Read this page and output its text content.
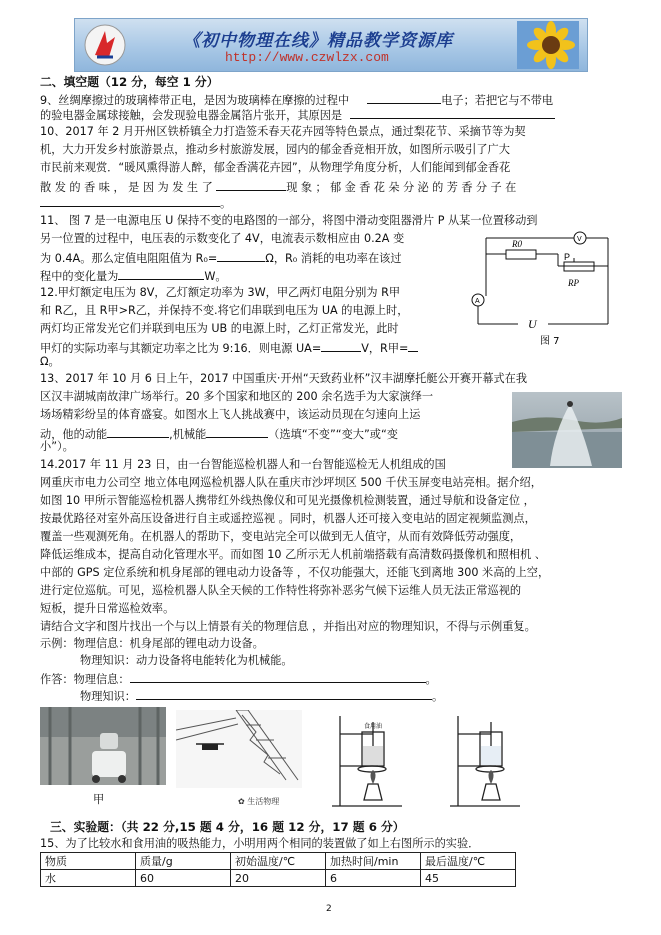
《初中物理在线》精品教学资源库
http://www.czwlzx.com
二、填空题（12 分，每空 1 分）
9、丝绸摩擦过的玻璃棒带正电，是因为玻璃棒在摩擦的过程中	电子；若把它与不带电
的验电器金属球接触，会发现验电器金属箔片张开，其原因是
10、2017 年 2 月开州区铁桥镇全力打造签禾春天花卉园等特色景点，通过梨花节、采摘节等为契
机，大力开发乡村旅游景点，推动乡村旅游发展，园内的郁金香竞相开放，如图所示吸引了广大
市民前来观赏．“暖风熏得游人醉，郁金香满花卉园”，从物理学角度分析，人们能闻到郁金香花
散发的香味，是因为发生了	现象；郁金香花朵分泌的芳香分子在
。
11、 图 7 是一电源电压 U 保持不变的电路图的一部分，将图中滑动变阻器滑片 P 从某一位置移动到
另一位置的过程中，电压表的示数变化了 4V，电流表示数相应由 0.2A 变
为 0.4A。那么定值电阻阻值为 R₀=	Ω，R₀ 消耗的电功率在该过
程中的变化量为	W。
R0	V
P
RP
A
U
图 7
12.甲灯额定电压为 8V，乙灯额定功率为 3W，甲乙两灯电阻分别为 R甲
和 R乙，且 R甲>R乙，并保持不变.将它们串联到电压为 UA 的电源上时，
两灯均正常发光它们并联到电压为 UB 的电源上时，乙灯正常发光，此时
甲灯的实际功率与其额定功率之比为 9:16．则电源 UA=	V，R甲=
Ω。
13、2017 年 10 月 6 日上午，2017 中国重庆·开州“天致药业杯”汉丰湖摩托艇公开赛开幕式在我
区汉丰湖城南故津广场举行。20 多个国家和地区的 200 余名选手为大家演绎一
场场精彩纷呈的体育盛宴。如图水上飞人挑战赛中，该运动员现在匀速向上运
动，他的动能	,机械能	（选填“不变”“变大”或“变
小”）。
14.2017 年 11 月 23 日，由一台智能巡检机器人和一台智能巡检无人机组成的国
网重庆市电力公司空 地立体电网巡检机器人队在重庆市沙坪坝区 500 千伏玉屏变电站亮相。据介绍，
如图 10 甲所示智能巡检机器人携带红外线热像仪和可见光摄像机检测装置，通过导航和设备定位 ，
按最优路径对室外高压设备进行自主或遥控巡视 。同时，机器人还可接入变电站的固定视频监测点，
覆盖一些观测死角。在机器人的帮助下，变电站完全可以做到无人值守，从而有效降低劳动强度，
降低运维成本，提高自动化管理水平。而如图 10 乙所示无人机前端搭载有高清数码摄像机和照相机 、
中部的 GPS 定位系统和机身尾部的锂电动力设备等 ，不仅功能强大，还能飞到离地 300 米高的上空，
进行定位巡航。可见，巡检机器人队全天候的工作特性将弥补恶劣气候下运维人员无法正常巡视的
短板，提升日常巡检效率。
请结合文字和图片找出一个与以上情景有关的物理信息 ，并指出对应的物理知识，不得与示例重复。
示例：物理信息：机身尾部的锂电动力设备。
物理知识：动力设备将电能转化为机械能。
作答：物理信息：	。
物理知识：	。
甲	✿ 生活物理
食用油
三、实验题：（共 22 分,15 题 4 分，16 题 12 分，17 题 6 分）
15、为了比较水和食用油的吸热能力，小明用两个相同的装置做了如上右图所示的实验．
物质	质量/g	初始温度/℃	加热时间/min	最后温度/℃
水	60	20	6	45
2
